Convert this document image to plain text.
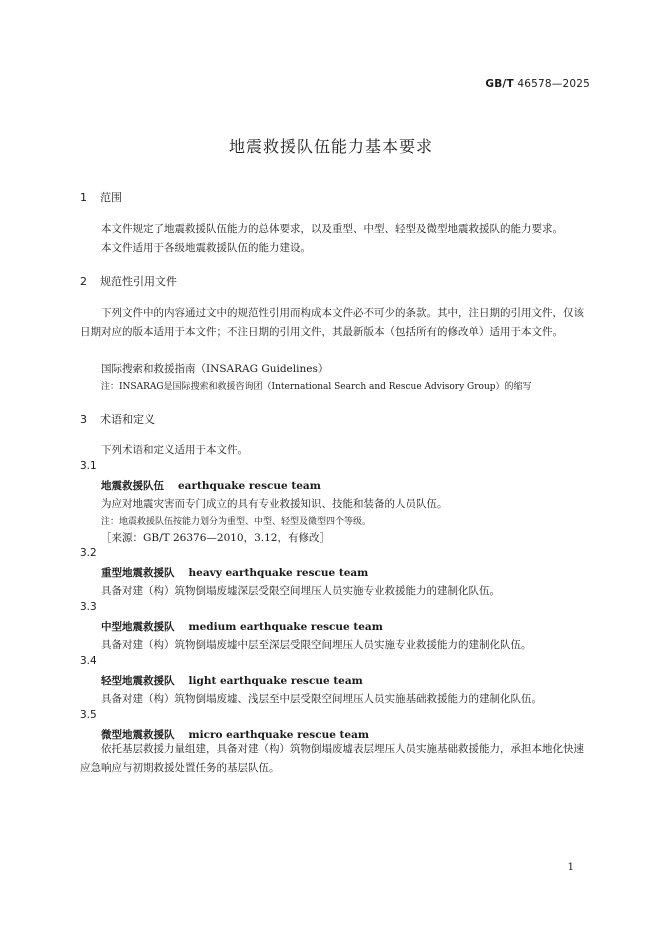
GB/T 46578—2025
地震救援队伍能力基本要求
1 范围
本文件规定了地震救援队伍能力的总体要求，以及重型、中型、轻型及微型地震救援队的能力要求。
本文件适用于各级地震救援队伍的能力建设。
2 规范性引用文件
下列文件中的内容通过文中的规范性引用而构成本文件必不可少的条款。其中，注日期的引用文件，仅该日期对应的版本适用于本文件；不注日期的引用文件，其最新版本（包括所有的修改单）适用于本文件。
国际搜索和救援指南（INSARAG Guidelines）
注：INSARAG是国际搜索和救援咨询团（International Search and Rescue Advisory Group）的缩写
3 术语和定义
下列术语和定义适用于本文件。
3.1
地震救援队伍 earthquake rescue team
为应对地震灾害而专门成立的具有专业救援知识、技能和装备的人员队伍。
注：地震救援队伍按能力划分为重型、中型、轻型及微型四个等级。
［来源：GB/T 26376—2010，3.12，有修改］
3.2
重型地震救援队 heavy earthquake rescue team
具备对建（构）筑物倒塌废墟深层受限空间埋压人员实施专业救援能力的建制化队伍。
3.3
中型地震救援队 medium earthquake rescue team
具备对建（构）筑物倒塌废墟中层至深层受限空间埋压人员实施专业救援能力的建制化队伍。
3.4
轻型地震救援队 light earthquake rescue team
具备对建（构）筑物倒塌废墟、浅层至中层受限空间埋压人员实施基础救援能力的建制化队伍。
3.5
微型地震救援队 micro earthquake rescue team
依托基层救援力量组建，具备对建（构）筑物倒塌废墟表层埋压人员实施基础救援能力，承担本地化快速应急响应与初期救援处置任务的基层队伍。
1
